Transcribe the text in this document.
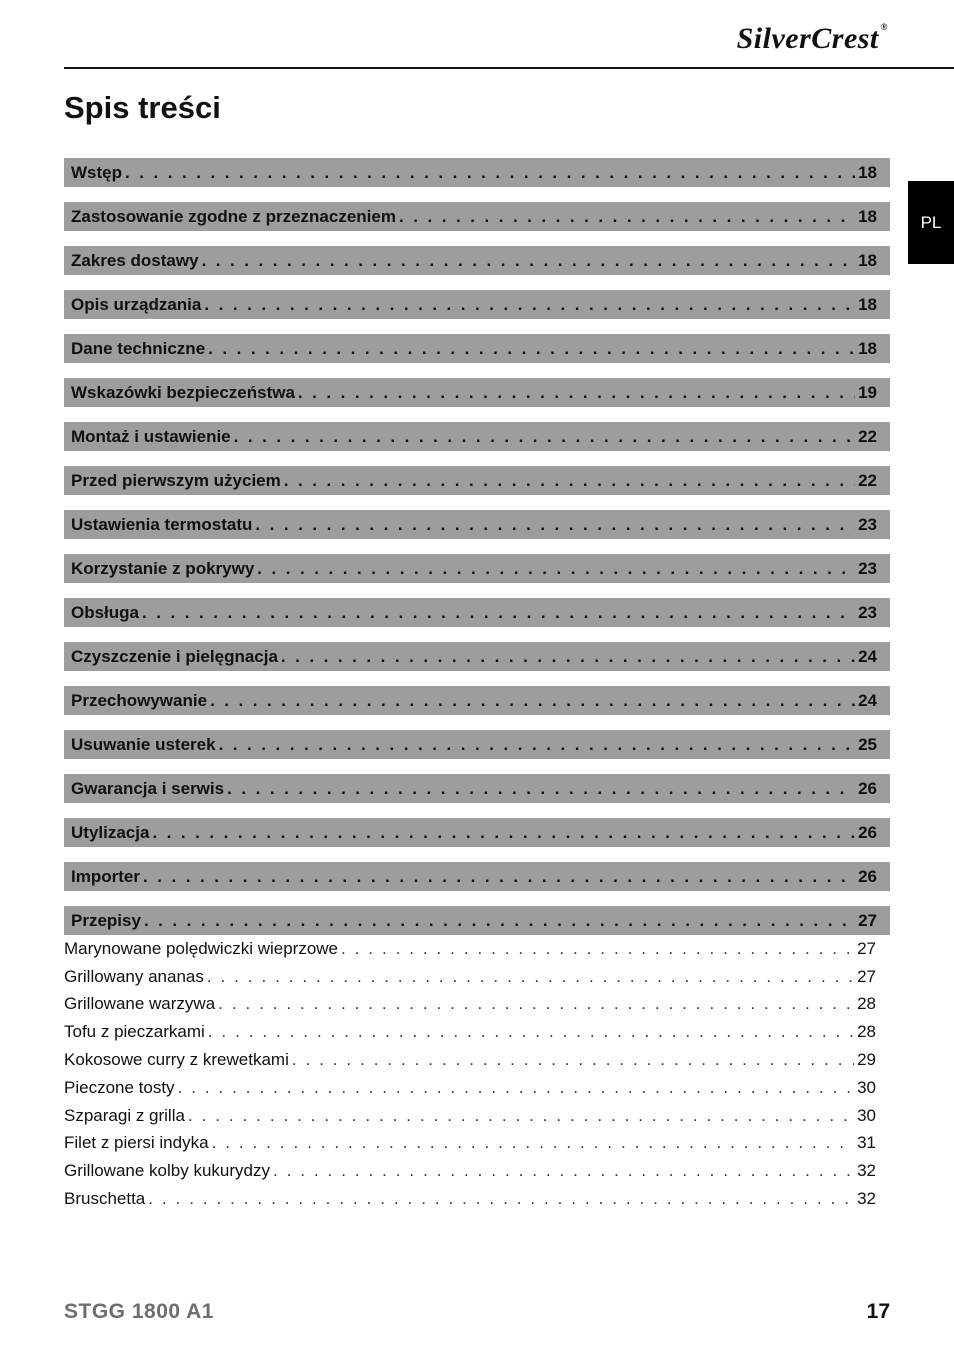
SilverCrest ®
Spis treści
PL
Wstęp . . .	18
Zastosowanie zgodne z przeznaczeniem . . .	18
Zakres dostawy . . .	18
Opis urządzania . . .	18
Dane techniczne . . .	18
Wskazówki bezpieczeństwa . . .	19
Montaż i ustawienie . . .	22
Przed pierwszym użyciem . . .	22
Ustawienia termostatu . . .	23
Korzystanie z pokrywy . . .	23
Obsługa . . .	23
Czyszczenie i pielęgnacja . . .	24
Przechowywanie . . .	24
Usuwanie usterek . . .	25
Gwarancja i serwis . . .	26
Utylizacja . . .	26
Importer . . .	26
Przepisy . . .	27
Marynowane polędwiczki wieprzowe . . .	27
Grillowany ananas . . .	27
Grillowane warzywa . . .	28
Tofu z pieczarkami . . .	28
Kokosowe curry z krewetkami . . .	29
Pieczone tosty . . .	30
Szparagi z grilla . . .	30
Filet z piersi indyka . . .	31
Grillowane kolby kukurydzy . . .	32
Bruschetta . . .	32
STGG 1800 A1	17
